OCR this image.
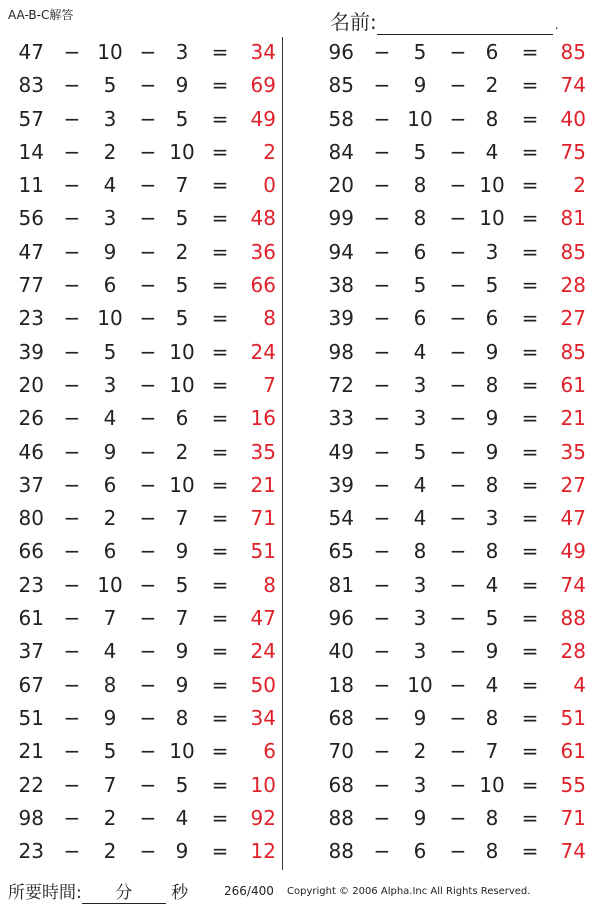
AA-B-C解答	名前:	.
47 − 10 − 3	=	34
83 −	5	− 9	=	69
57 −	3	− 5	=	49
14 −	2	− 10 =	2
11 −	4	− 7	=	0
56 −	3	− 5	=	48
47 −	9	− 2	=	36
77 −	6	− 5	=	66
23 − 10 − 5	=	8
39 −	5	− 10 =	24
20 −	3	− 10 =	7
26 −	4	− 6	=	16
46 −	9	− 2	=	35
37 −	6	− 10 =	21
80 −	2	− 7	=	71
66 −	6	− 9	=	51
23 − 10 − 5	=	8
61 −	7	− 7	=	47
37 −	4	− 9	=	24
67 −	8	− 9	=	50
51 −	9	− 8	=	34
21 −	5	− 10 =	6
22 −	7	− 5	=	10
98 −	2	− 4	=	92
23 −	2	− 9	=	12
96 −	5	− 6	=	85
85 −	9	− 2	=	74
58 − 10 − 8	=	40
84 −	5	− 4	=	75
20 −	8	− 10 =	2
99 −	8	− 10 =	81
94 −	6	− 3	=	85
38 −	5	− 5	=	28
39 −	6	− 6	=	27
98 −	4	− 9	=	85
72 −	3	− 8	=	61
33 −	3	− 9	=	21
49 −	5	− 9	=	35
39 −	4	− 8	=	27
54 −	4	− 3	=	47
65 −	8	− 8	=	49
81 −	3	− 4	=	74
96 −	3	− 5	=	88
40 −	3	− 9	=	28
18 − 10 − 4	=	4
68 −	9	− 8	=	51
70 −	2	− 7	=	61
68 −	3	− 10 =	55
88 −	9	− 8	=	71
88 −	6	− 8	=	74
所要時間: 分 秒	266/400 Copyright © 2006 Alpha.Inc All Rights Reserved.
